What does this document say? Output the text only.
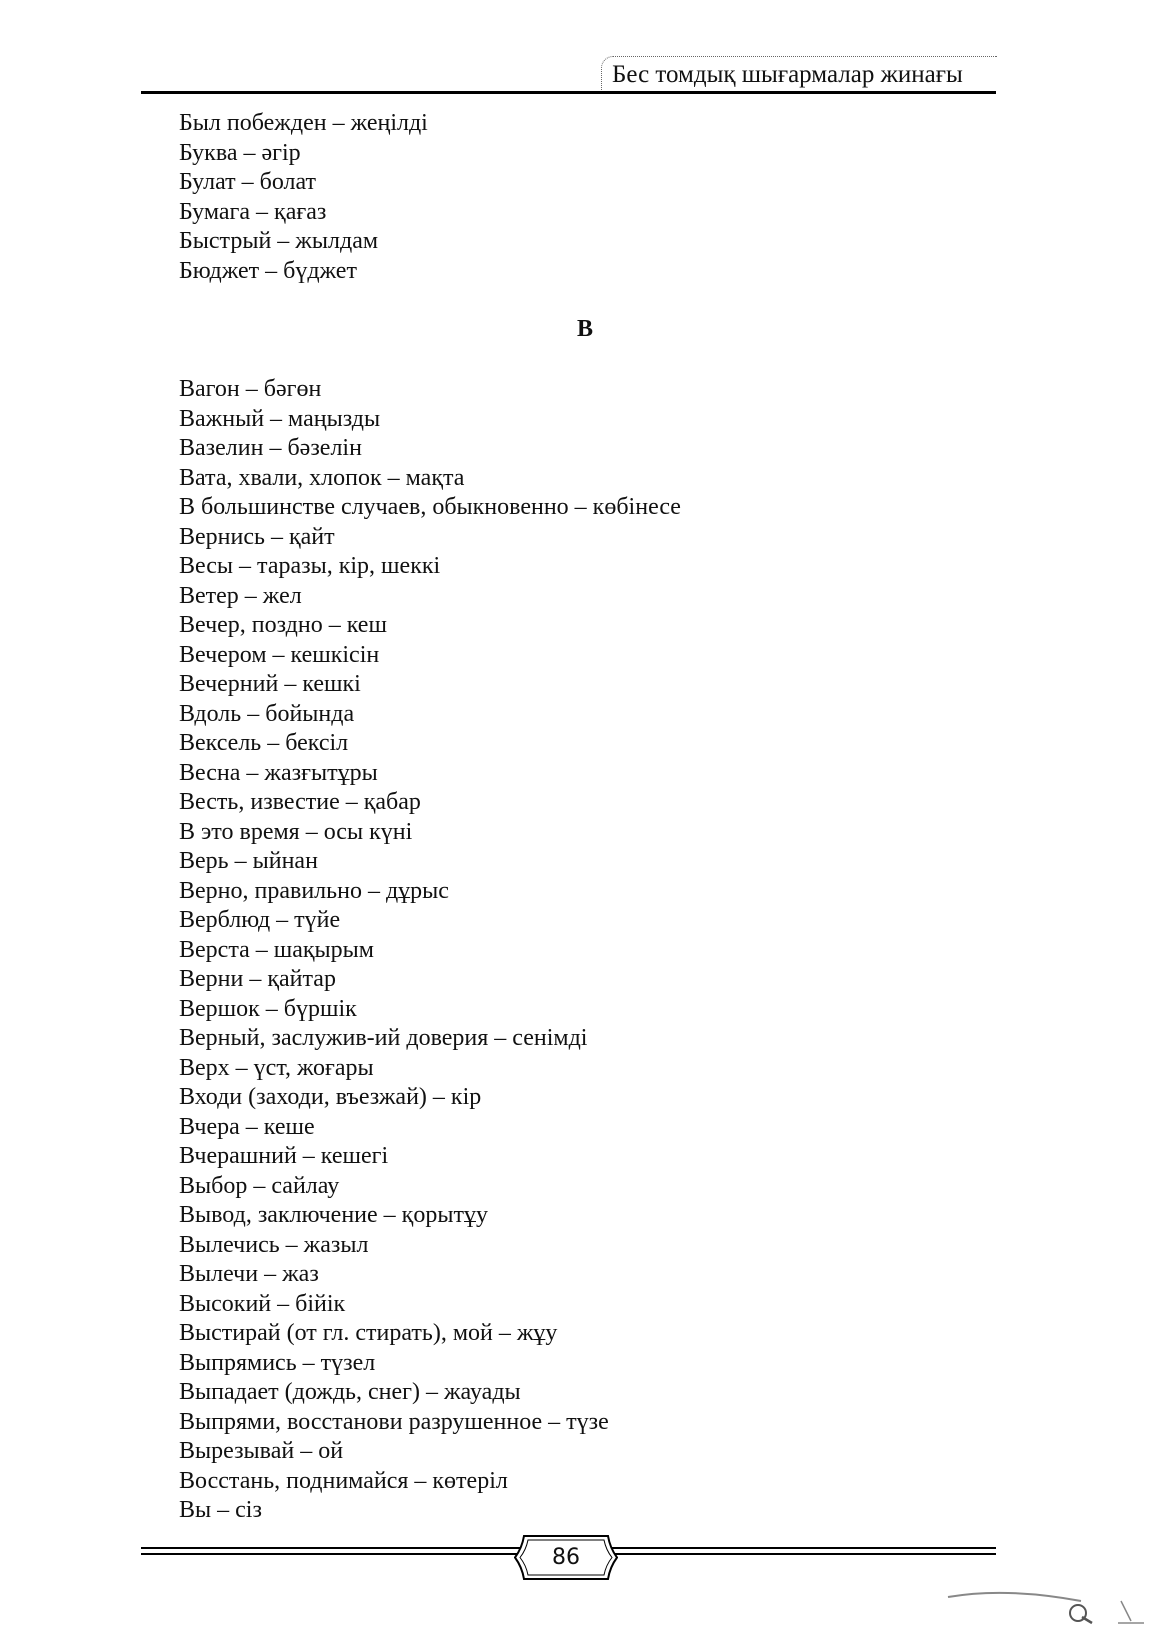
Бес томдық шығармалар жинағы
Был побежден – жеңілді
Буква – әгір
Булат – болат
Бумага – қағаз
Быстрый – жылдам
Бюджет – бүджет
В
Вагон – бәгөн
Важный – маңызды
Вазелин – бәзелін
Вата, хвали, хлопок – мақта
В большинстве случаев, обыкновенно – көбінесе
Вернись – қайт
Весы – таразы, кір, шеккі
Ветер – жел
Вечер, поздно – кеш
Вечером – кешкісін
Вечерний – кешкі
Вдоль – бойында
Вексель – бексіл
Весна – жазғытұры
Весть, известие – қабар
В это время – осы күні
Верь – ыйнан
Верно, правильно – дұрыс
Верблюд – түйе
Верста – шақырым
Верни – қайтар
Вершок – бүршік
Верный, заслужив-ий доверия – сенімді
Верх – үст, жоғары
Входи (заходи, въезжай) – кір
Вчера – кеше
Вчерашний – кешегі
Выбор – сайлау
Вывод, заключение – қорытұу
Вылечись – жазыл
Вылечи – жаз
Высокий – бійік
Выстирай (от гл. стирать), мой – жұу
Выпрямись – түзел
Выпадает (дождь, снег) – жауады
Выпрями, восстанови разрушенное – түзе
Вырезывай – ой
Восстань, поднимайся – көтеріл
Вы – сіз
86
